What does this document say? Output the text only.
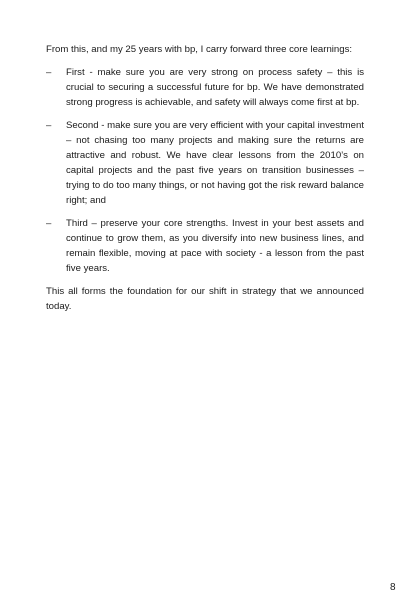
From this, and my 25 years with bp, I carry forward three core learnings:

– First - make sure you are very strong on process safety – this is crucial to securing a successful future for bp. We have demonstrated strong progress is achievable, and safety will always come first at bp.
– Second - make sure you are very efficient with your capital investment – not chasing too many projects and making sure the returns are attractive and robust. We have clear lessons from the 2010’s on capital projects and the past five years on transition businesses – trying to do too many things, or not having got the risk reward balance right; and
– Third – preserve your core strengths. Invest in your best assets and continue to grow them, as you diversify into new business lines, and remain flexible, moving at pace with society - a lesson from the past five years.

This all forms the foundation for our shift in strategy that we announced today.

8
